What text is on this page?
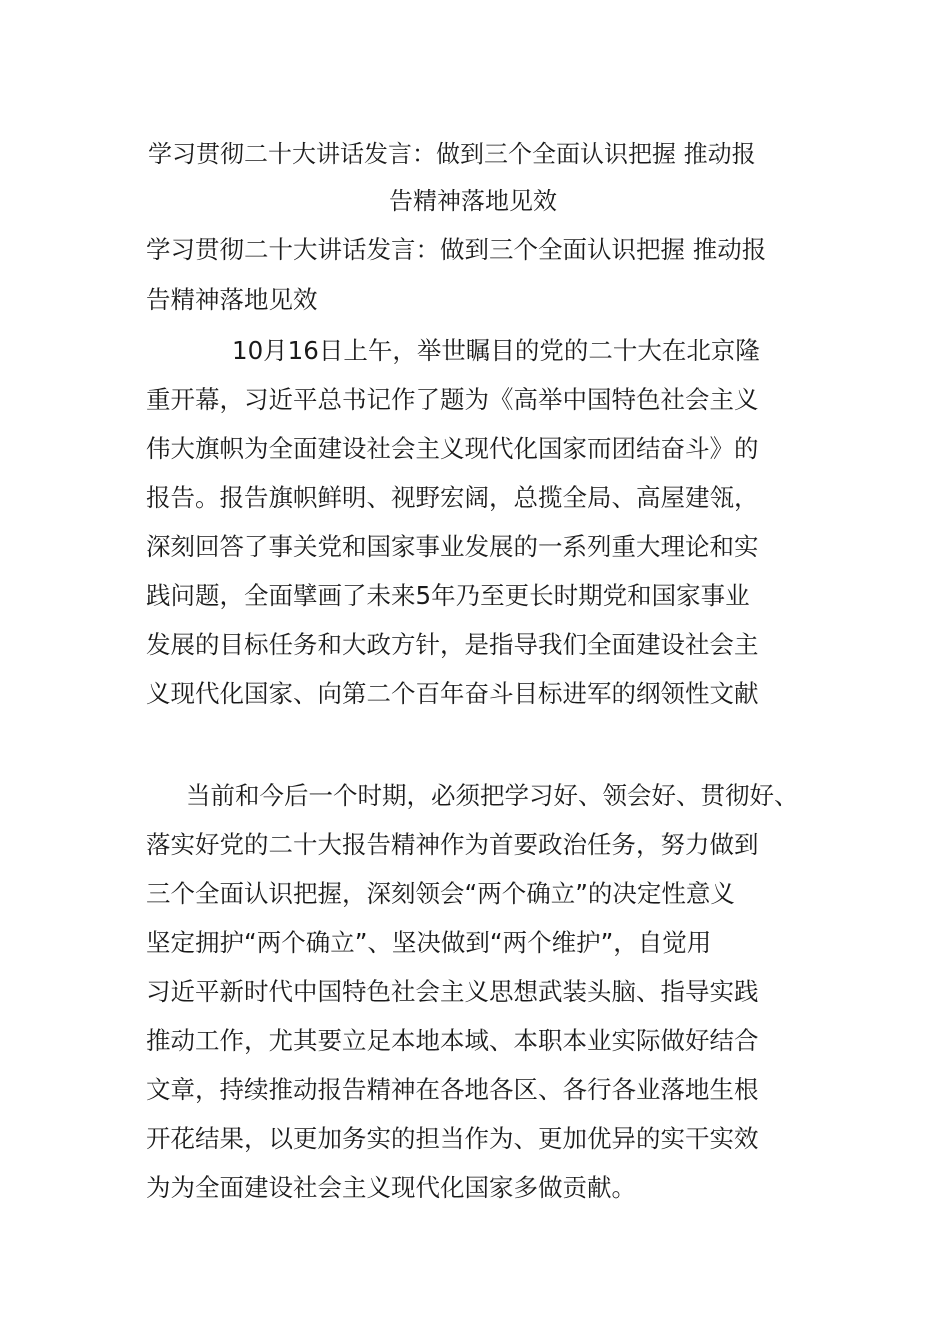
学习贯彻二十大讲话发言：做到三个全面认识把握 推动报
告精神落地见效
学习贯彻二十大讲话发言：做到三个全面认识把握 推动报
告精神落地见效
10月16日上午，举世瞩目的党的二十大在北京隆
重开幕，习近平总书记作了题为《高举中国特色社会主义
伟大旗帜为全面建设社会主义现代化国家而团结奋斗》的
报告。报告旗帜鲜明、视野宏阔，总揽全局、高屋建瓴，
深刻回答了事关党和国家事业发展的一系列重大理论和实
践问题，全面擘画了未来5年乃至更长时期党和国家事业
发展的目标任务和大政方针，是指导我们全面建设社会主
义现代化国家、向第二个百年奋斗目标进军的纲领性文献
当前和今后一个时期，必须把学习好、领会好、贯彻好、
落实好党的二十大报告精神作为首要政治任务，努力做到
三个全面认识把握，深刻领会“两个确立”的决定性意义
坚定拥护“两个确立”、坚决做到“两个维护”，自觉用
习近平新时代中国特色社会主义思想武装头脑、指导实践
推动工作，尤其要立足本地本域、本职本业实际做好结合
文章，持续推动报告精神在各地各区、各行各业落地生根
开花结果，以更加务实的担当作为、更加优异的实干实效
为为全面建设社会主义现代化国家多做贡献。
